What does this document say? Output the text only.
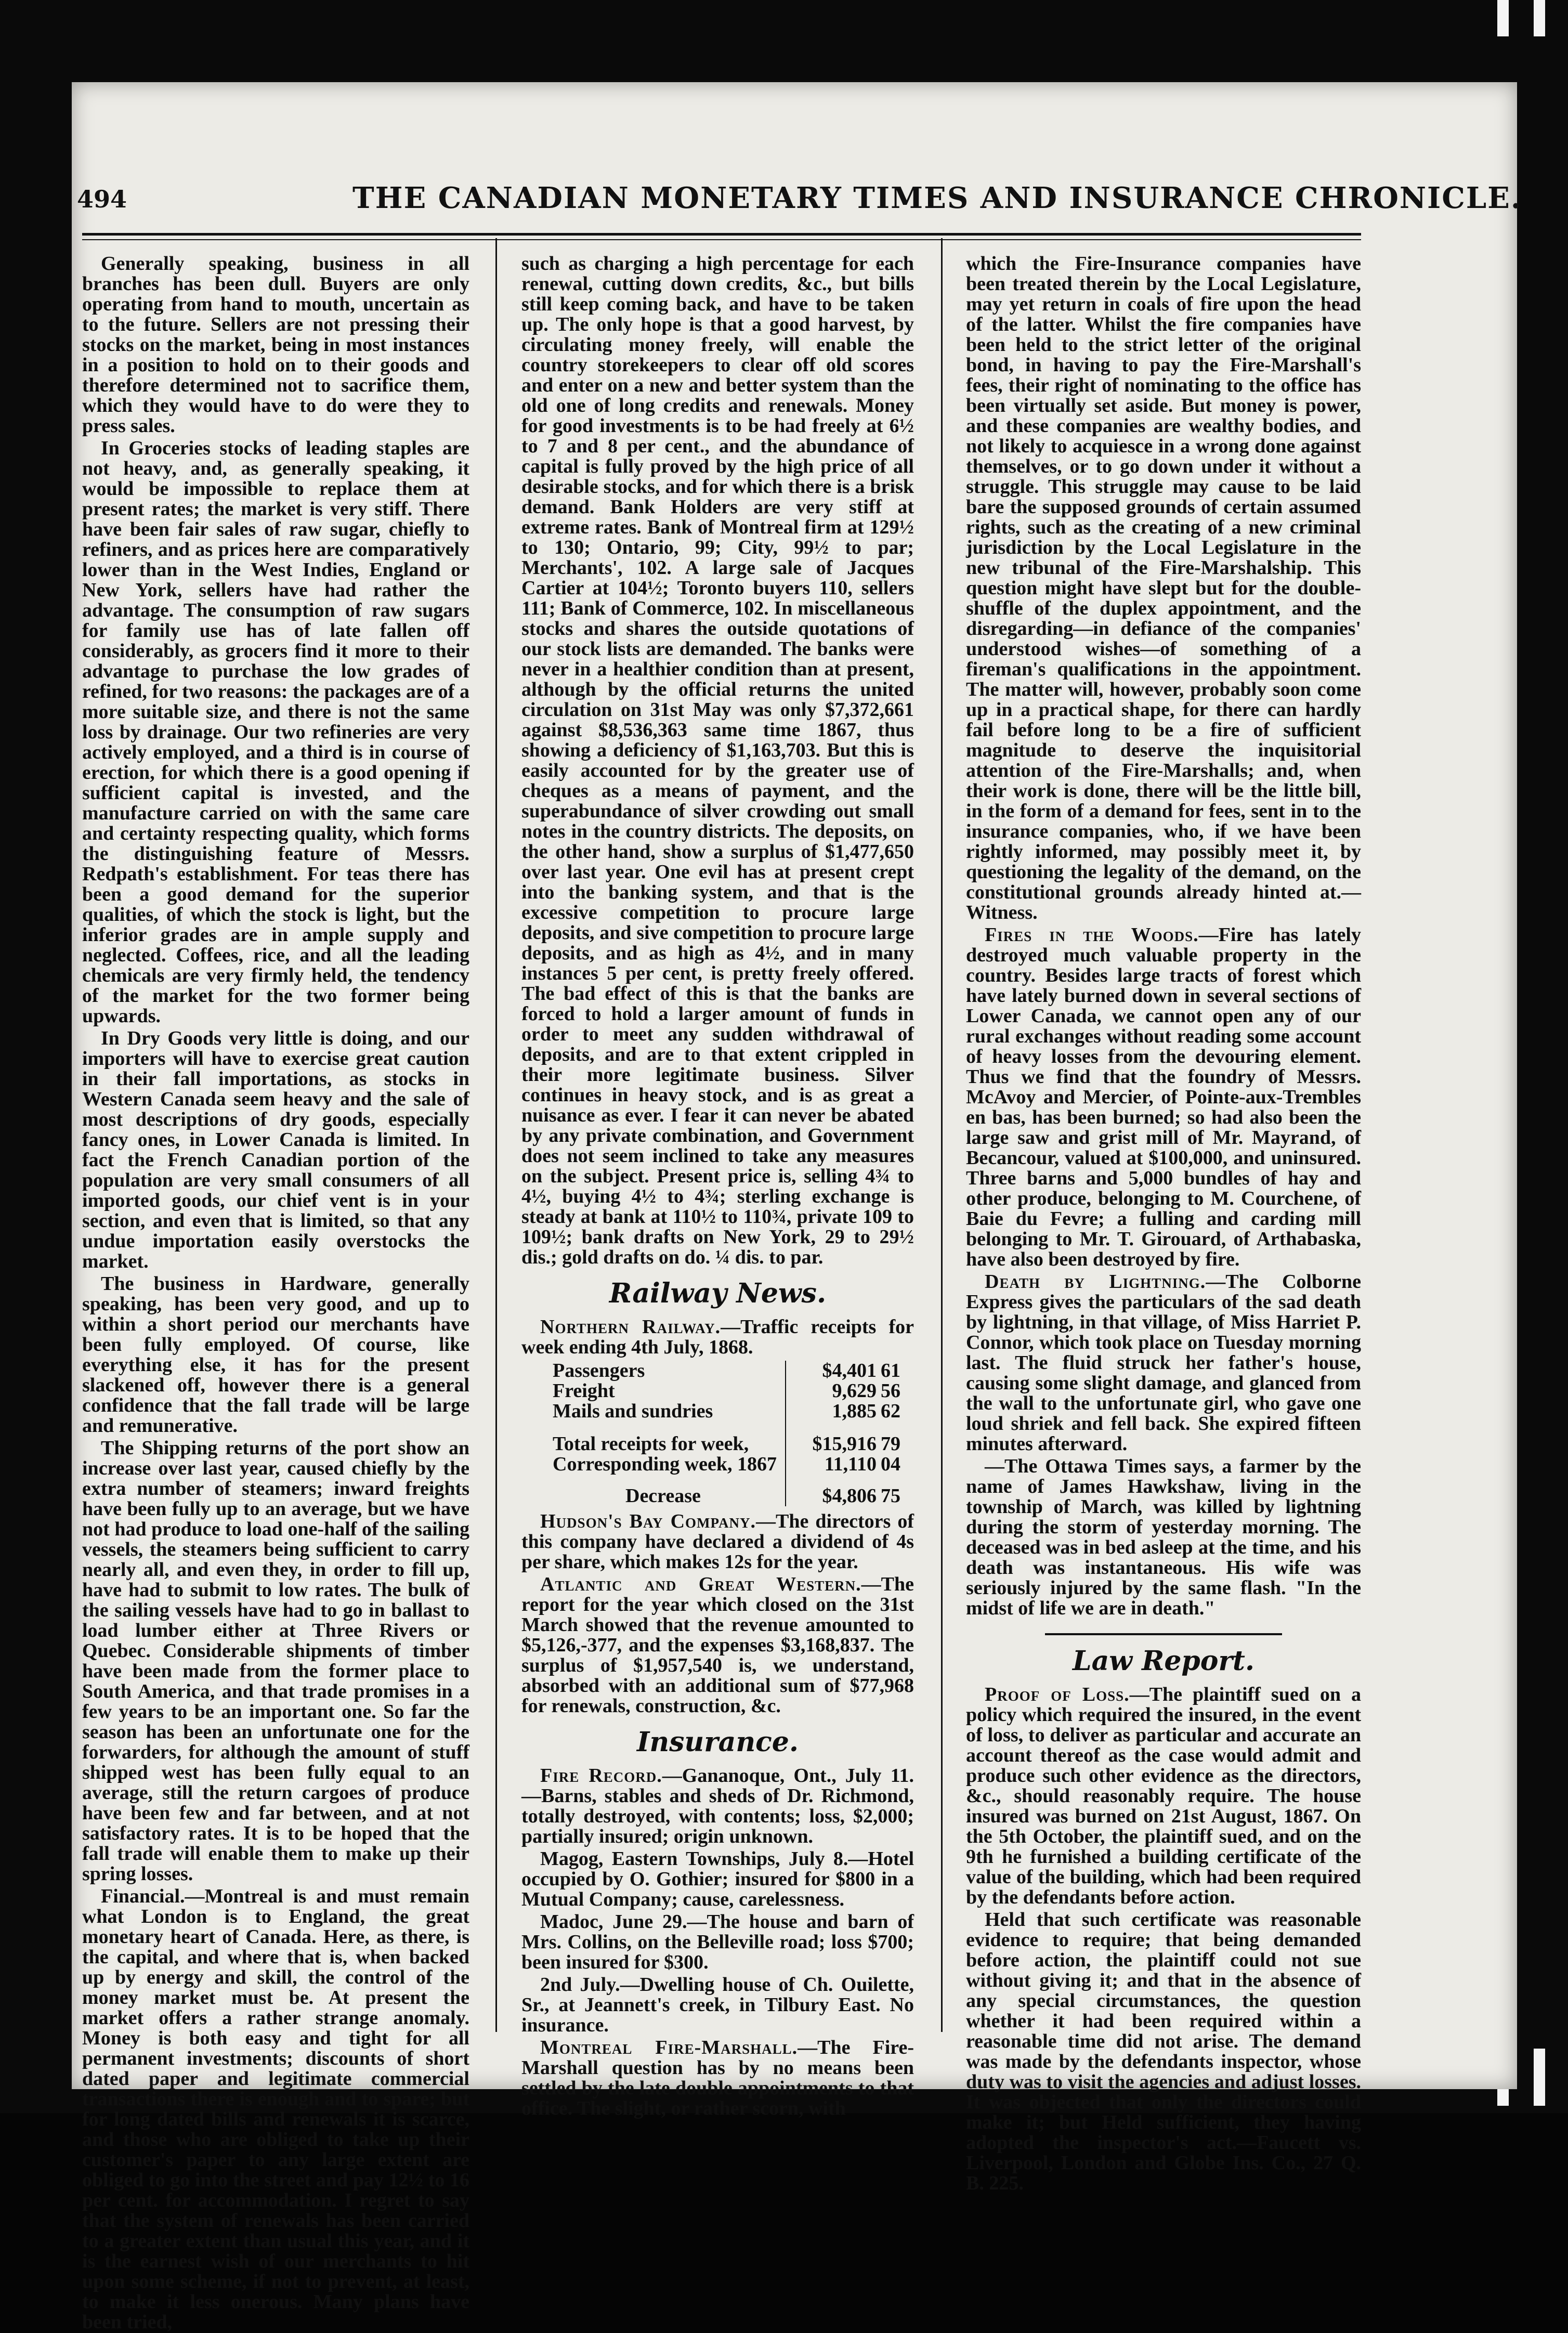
494	THE CANADIAN MONETARY TIMES AND INSURANCE CHRONICLE.

Generally speaking, business in all branches has been dull. Buyers are only operating from hand to mouth, uncertain as to the future. Sellers are not pressing their stocks on the market, being in most instances in a position to hold on to their goods and therefore determined not to sacrifice them, which they would have to do were they to press sales.

In Groceries stocks of leading staples are not heavy, and, as generally speaking, it would be impossible to replace them at present rates; the market is very stiff. There have been fair sales of raw sugar, chiefly to refiners, and as prices here are comparatively lower than in the West Indies, England or New York, sellers have had rather the advantage. The consumption of raw sugars for family use has of late fallen off considerably, as grocers find it more to their advantage to purchase the low grades of refined, for two reasons: the packages are of a more suitable size, and there is not the same loss by drainage. Our two refineries are very actively employed, and a third is in course of erection, for which there is a good opening if sufficient capital is invested, and the manufacture carried on with the same care and certainty respecting quality, which forms the distinguishing feature of Messrs. Redpath's establishment. For teas there has been a good demand for the superior qualities, of which the stock is light, but the inferior grades are in ample supply and neglected. Coffees, rice, and all the leading chemicals are very firmly held, the tendency of the market for the two former being upwards.

In Dry Goods very little is doing, and our importers will have to exercise great caution in their fall importations, as stocks in Western Canada seem heavy and the sale of most descriptions of dry goods, especially fancy ones, in Lower Canada is limited. In fact the French Canadian portion of the population are very small consumers of all imported goods, our chief vent is in your section, and even that is limited, so that any undue importation easily overstocks the market.

The business in Hardware, generally speaking, has been very good, and up to within a short period our merchants have been fully employed. Of course, like everything else, it has for the present slackened off, however there is a general confidence that the fall trade will be large and remunerative.

The Shipping returns of the port show an increase over last year, caused chiefly by the extra number of steamers; inward freights have been fully up to an average, but we have not had produce to load one-half of the sailing vessels, the steamers being sufficient to carry nearly all, and even they, in order to fill up, have had to submit to low rates. The bulk of the sailing vessels have had to go in ballast to load lumber either at Three Rivers or Quebec. Considerable shipments of timber have been made from the former place to South America, and that trade promises in a few years to be an important one. So far the season has been an unfortunate one for the forwarders, for although the amount of stuff shipped west has been fully equal to an average, still the return cargoes of produce have been few and far between, and at not satisfactory rates. It is to be hoped that the fall trade will enable them to make up their spring losses.

Financial.—Montreal is and must remain what London is to England, the great monetary heart of Canada. Here, as there, is the capital, and where that is, when backed up by energy and skill, the control of the money market must be. At present the market offers a rather strange anomaly. Money is both easy and tight for all permanent investments; discounts of short dated paper and legitimate commercial transactions there is enough and to spare; but for long dated bills and renewals it is scarce, and those who are obliged to take up their customer's paper to any large extent are obliged to go into the street and pay 12½ to 16 per cent. for accommodation. I regret to say that the system of renewals has been carried to a greater extent than usual this year, and it is the earnest wish of our merchants to hit upon some scheme, if not to prevent, at least, to make it less onerous. Many plans have been tried,

such as charging a high percentage for each renewal, cutting down credits, &c., but bills still keep coming back, and have to be taken up. The only hope is that a good harvest, by circulating money freely, will enable the country storekeepers to clear off old scores and enter on a new and better system than the old one of long credits and renewals. Money for good investments is to be had freely at 6½ to 7 and 8 per cent., and the abundance of capital is fully proved by the high price of all desirable stocks, and for which there is a brisk demand. Bank Holders are very stiff at extreme rates. Bank of Montreal firm at 129½ to 130; Ontario, 99; City, 99½ to par; Merchants', 102. A large sale of Jacques Cartier at 104½; Toronto buyers 110, sellers 111; Bank of Commerce, 102. In miscellaneous stocks and shares the outside quotations of our stock lists are demanded. The banks were never in a healthier condition than at present, although by the official returns the united circulation on 31st May was only $7,372,661 against $8,536,363 same time 1867, thus showing a deficiency of $1,163,703. But this is easily accounted for by the greater use of cheques as a means of payment, and the superabundance of silver crowding out small notes in the country districts. The deposits, on the other hand, show a surplus of $1,477,650 over last year. One evil has at present crept into the banking system, and that is the excessive competition to procure large deposits, and sive competition to procure large deposits, and as high as 4½, and in many instances 5 per cent, is pretty freely offered. The bad effect of this is that the banks are forced to hold a larger amount of funds in order to meet any sudden withdrawal of deposits, and are to that extent crippled in their more legitimate business. Silver continues in heavy stock, and is as great a nuisance as ever. I fear it can never be abated by any private combination, and Government does not seem inclined to take any measures on the subject. Present price is, selling 4¾ to 4½, buying 4½ to 4¾; sterling exchange is steady at bank at 110½ to 110¾, private 109 to 109½; bank drafts on New York, 29 to 29½ dis.; gold drafts on do. ¼ dis. to par.

Railway News.

Northern Railway.—Traffic receipts for week ending 4th July, 1868.

Passengers	$4,401	61
Freight	9,629	56
Mails and sundries	1,885	62
Total receipts for week,	$15,916	79
Corresponding week, 1867	11,110	04
Decrease	$4,806	75

Hudson's Bay Company.—The directors of this company have declared a dividend of 4s per share, which makes 12s for the year.

Atlantic and Great Western.—The report for the year which closed on the 31st March showed that the revenue amounted to $5,126,-377, and the expenses $3,168,837. The surplus of $1,957,540 is, we understand, absorbed with an additional sum of $77,968 for renewals, construction, &c.

Insurance.

Fire Record.—Gananoque, Ont., July 11.—Barns, stables and sheds of Dr. Richmond, totally destroyed, with contents; loss, $2,000; partially insured; origin unknown.

Magog, Eastern Townships, July 8.—Hotel occupied by O. Gothier; insured for $800 in a Mutual Company; cause, carelessness.

Madoc, June 29.—The house and barn of Mrs. Collins, on the Belleville road; loss $700; been insured for $300.

2nd July.—Dwelling house of Ch. Ouilette, Sr., at Jeannett's creek, in Tilbury East. No insurance.

Montreal Fire-Marshall.—The Fire-Marshall question has by no means been settled by the late double appointments to that office. The slight, or rather scorn, with

which the Fire-Insurance companies have been treated therein by the Local Legislature, may yet return in coals of fire upon the head of the latter. Whilst the fire companies have been held to the strict letter of the original bond, in having to pay the Fire-Marshall's fees, their right of nominating to the office has been virtually set aside. But money is power, and these companies are wealthy bodies, and not likely to acquiesce in a wrong done against themselves, or to go down under it without a struggle. This struggle may cause to be laid bare the supposed grounds of certain assumed rights, such as the creating of a new criminal jurisdiction by the Local Legislature in the new tribunal of the Fire-Marshalship. This question might have slept but for the double-shuffle of the duplex appointment, and the disregarding—in defiance of the companies' understood wishes—of something of a fireman's qualifications in the appointment. The matter will, however, probably soon come up in a practical shape, for there can hardly fail before long to be a fire of sufficient magnitude to deserve the inquisitorial attention of the Fire-Marshalls; and, when their work is done, there will be the little bill, in the form of a demand for fees, sent in to the insurance companies, who, if we have been rightly informed, may possibly meet it, by questioning the legality of the demand, on the constitutional grounds already hinted at.—Witness.

Fires in the Woods.—Fire has lately destroyed much valuable property in the country. Besides large tracts of forest which have lately burned down in several sections of Lower Canada, we cannot open any of our rural exchanges without reading some account of heavy losses from the devouring element. Thus we find that the foundry of Messrs. McAvoy and Mercier, of Pointe-aux-Trembles en bas, has been burned; so had also been the large saw and grist mill of Mr. Mayrand, of Becancour, valued at $100,000, and uninsured. Three barns and 5,000 bundles of hay and other produce, belonging to M. Courchene, of Baie du Fevre; a fulling and carding mill belonging to Mr. T. Girouard, of Arthabaska, have also been destroyed by fire.

Death by Lightning.—The Colborne Express gives the particulars of the sad death by lightning, in that village, of Miss Harriet P. Connor, which took place on Tuesday morning last. The fluid struck her father's house, causing some slight damage, and glanced from the wall to the unfortunate girl, who gave one loud shriek and fell back. She expired fifteen minutes afterward.

—The Ottawa Times says, a farmer by the name of James Hawkshaw, living in the township of March, was killed by lightning during the storm of yesterday morning. The deceased was in bed asleep at the time, and his death was instantaneous. His wife was seriously injured by the same flash. "In the midst of life we are in death."

Law Report.

Proof of Loss.—The plaintiff sued on a policy which required the insured, in the event of loss, to deliver as particular and accurate an account thereof as the case would admit and produce such other evidence as the directors, &c., should reasonably require. The house insured was burned on 21st August, 1867. On the 5th October, the plaintiff sued, and on the 9th he furnished a building certificate of the value of the building, which had been required by the defendants before action.

Held that such certificate was reasonable evidence to require; that being demanded before action, the plaintiff could not sue without giving it; and that in the absence of any special circumstances, the question whether it had been required within a reasonable time did not arise. The demand was made by the defendants inspector, whose duty was to visit the agencies and adjust losses. It was objected that only the directors could make it; but Held sufficient, they having adopted the inspector's act.—Faucett vs. Liverpool, London and Globe Ins. Co., 27 Q. B. 225.
